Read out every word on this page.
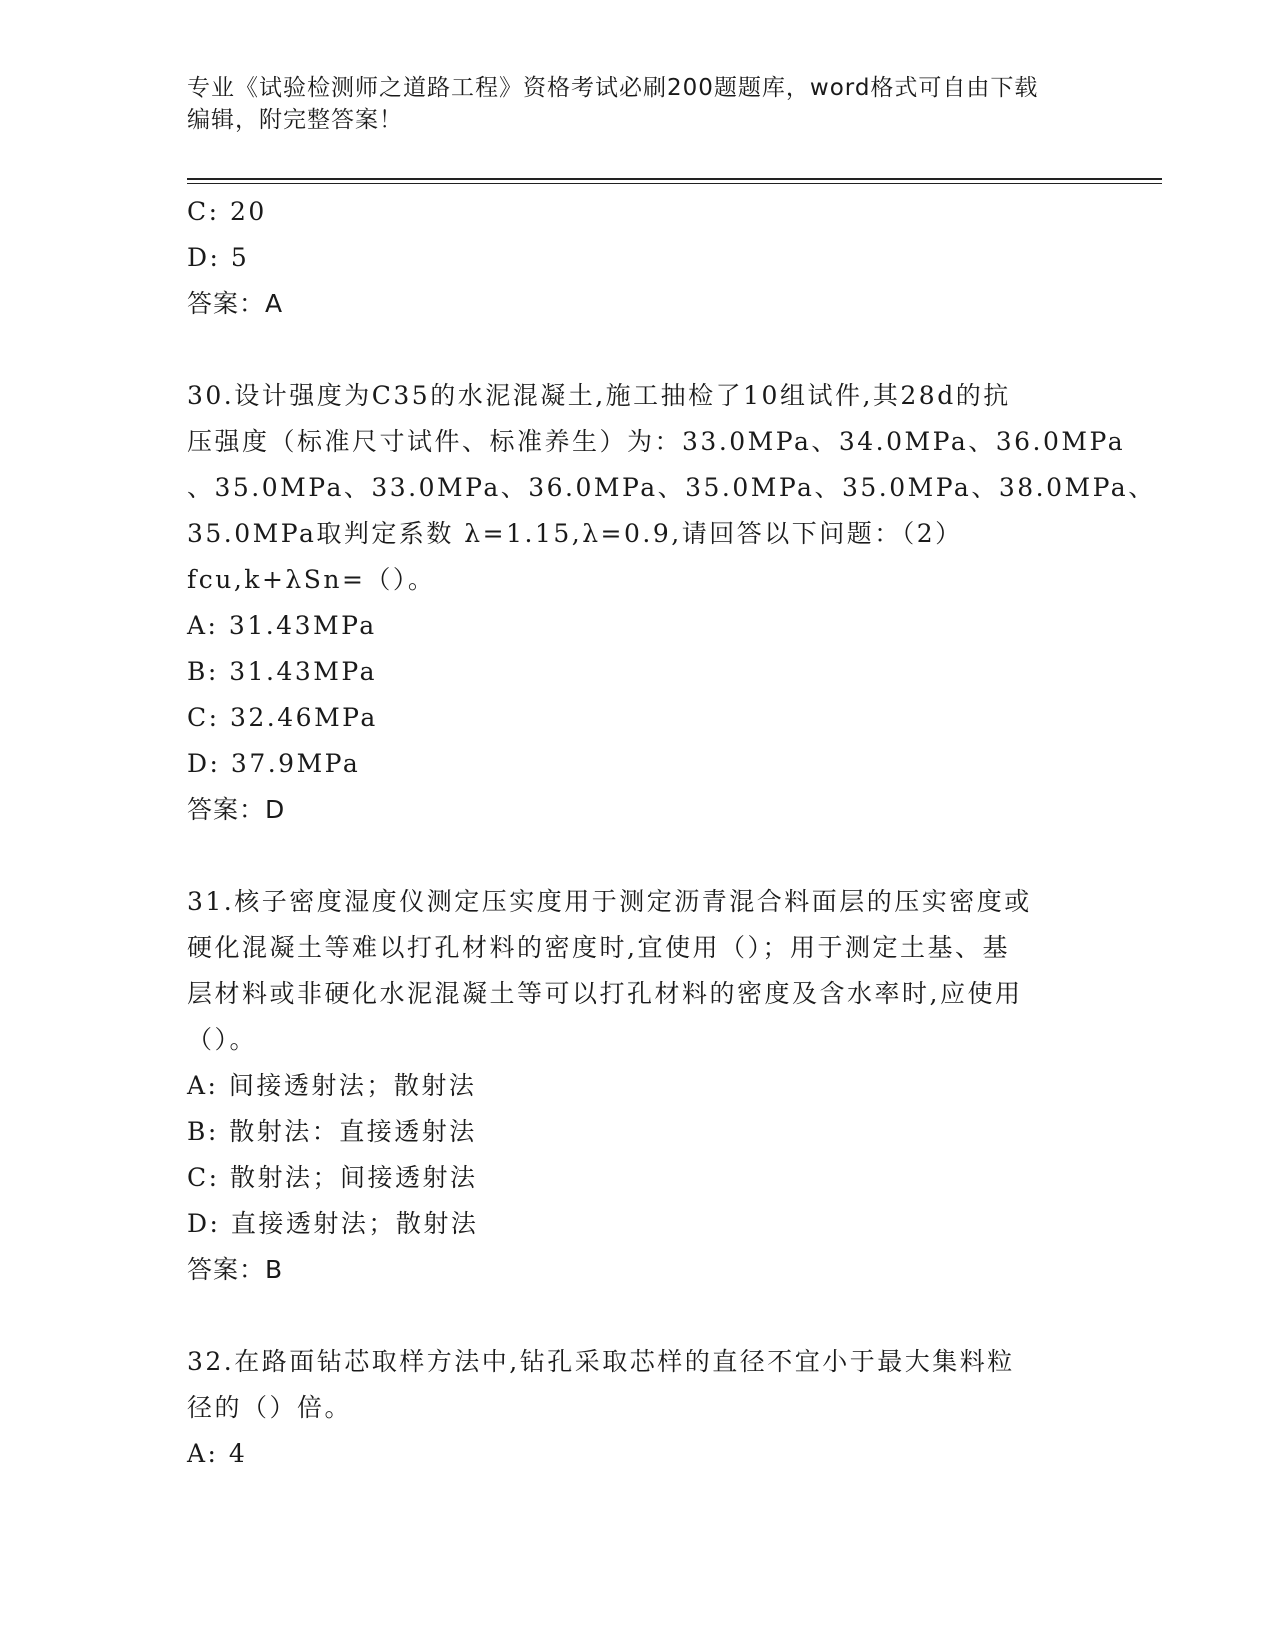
专业《试验检测师之道路工程》资格考试必刷200题题库，word格式可自由下载
编辑，附完整答案！

C: 20

D: 5

答案：A

30.设计强度为C35的水泥混凝土,施工抽检了10组试件,其28d的抗

压强度（标准尺寸试件、标准养生）为：33.0MPa、34.0MPa、36.0MPa

、35.0MPa、33.0MPa、36.0MPa、35.0MPa、35.0MPa、38.0MPa、

35.0MPa取判定系数 λ=1.15,λ=0.9,请回答以下问题：（2）

fcu,k+λSn=（）。

A: 31.43MPa

B: 31.43MPa

C: 32.46MPa

D: 37.9MPa

答案：D

31.核子密度湿度仪测定压实度用于测定沥青混合料面层的压实密度或

硬化混凝土等难以打孔材料的密度时,宜使用（）；用于测定土基、基

层材料或非硬化水泥混凝土等可以打孔材料的密度及含水率时,应使用

（）。

A: 间接透射法；散射法

B: 散射法：直接透射法

C: 散射法；间接透射法

D: 直接透射法；散射法

答案：B

32.在路面钻芯取样方法中,钻孔采取芯样的直径不宜小于最大集料粒

径的（）倍。

A: 4
